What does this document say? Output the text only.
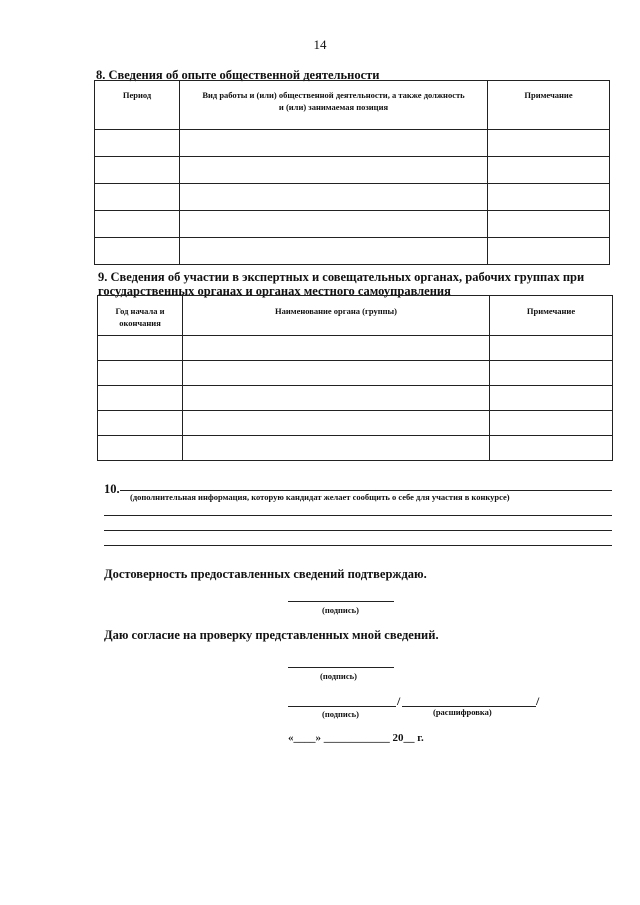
14
8. Сведения об опыте общественной деятельности
Период	Вид работы и (или) общественной деятельности, а также должность и (или) занимаемая позиция	Примечание

9. Сведения об участии в экспертных и совещательных органах, рабочих группах при
государственных органах и органах местного самоуправления
Год начала и окончания	Наименование органа (группы)	Примечание

10.
(дополнительная информация, которую кандидат желает сообщить о себе для участия в конкурсе)
Достоверность предоставленных сведений подтверждаю.
(подпись)
Даю согласие на проверку представленных мной сведений.
(подпись)
/	/
(подпись)	(расшифровка)
«____» ____________ 20__ г.
